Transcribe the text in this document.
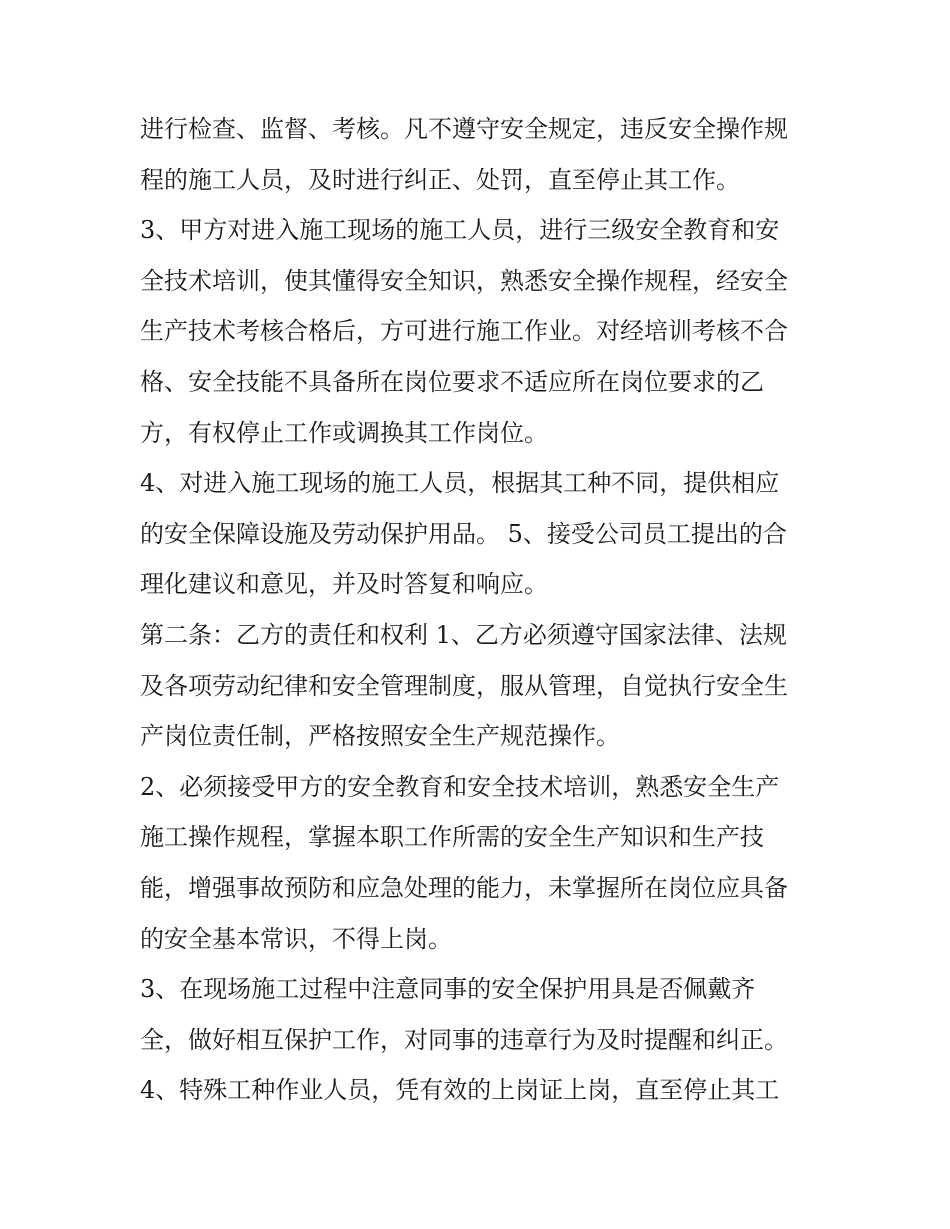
进行检查、监督、考核。凡不遵守安全规定，违反安全操作规

程的施工人员，及时进行纠正、处罚，直至停止其工作。

3、甲方对进入施工现场的施工人员，进行三级安全教育和安

全技术培训，使其懂得安全知识，熟悉安全操作规程，经安全

生产技术考核合格后，方可进行施工作业。对经培训考核不合

格、安全技能不具备所在岗位要求不适应所在岗位要求的乙

方，有权停止工作或调换其工作岗位。

4、对进入施工现场的施工人员，根据其工种不同，提供相应

的安全保障设施及劳动保护用品。 5、接受公司员工提出的合

理化建议和意见，并及时答复和响应。

第二条：乙方的责任和权利 1、乙方必须遵守国家法律、法规

及各项劳动纪律和安全管理制度，服从管理，自觉执行安全生

产岗位责任制，严格按照安全生产规范操作。

2、必须接受甲方的安全教育和安全技术培训，熟悉安全生产

施工操作规程，掌握本职工作所需的安全生产知识和生产技

能，增强事故预防和应急处理的能力，未掌握所在岗位应具备

的安全基本常识，不得上岗。

3、在现场施工过程中注意同事的安全保护用具是否佩戴齐

全，做好相互保护工作，对同事的违章行为及时提醒和纠正。

4、特殊工种作业人员，凭有效的上岗证上岗，直至停止其工
